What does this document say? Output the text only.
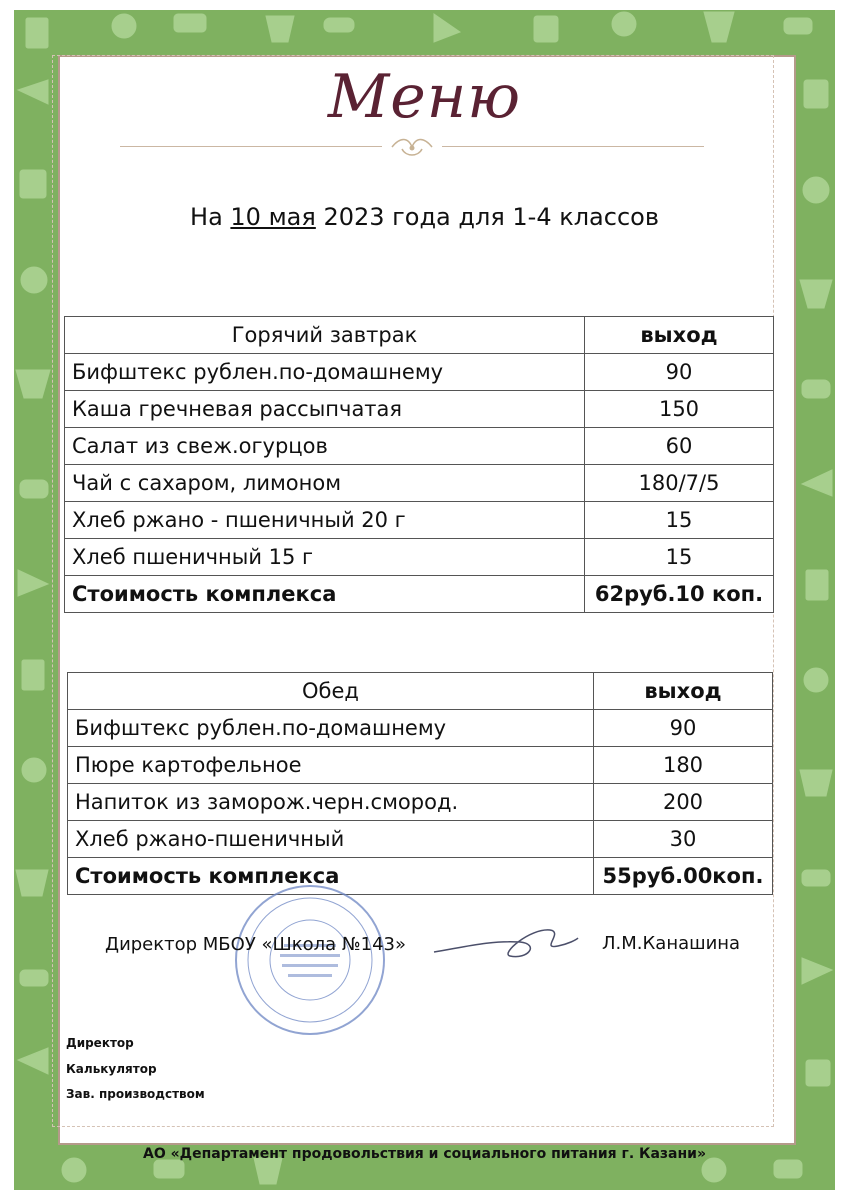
Меню
На 10 мая 2023 года для 1-4 классов
Горячий завтрак	выход
Бифштекс рублен.по-домашнему	90
Каша гречневая рассыпчатая	150
Салат из свеж.огурцов	60
Чай с сахаром, лимоном	180/7/5
Хлеб ржано - пшеничный 20 г	15
Хлеб пшеничный 15 г	15
Стоимость комплекса	62руб.10 коп.
Обед	выход
Бифштекс рублен.по-домашнему	90
Пюре картофельное	180
Напиток из заморож.черн.смород.	200
Хлеб ржано-пшеничный	30
Стоимость комплекса	55руб.00коп.
Директор МБОУ «Школа №143»	Л.М.Канашина
Директор
Калькулятор
Зав. производством
АО «Департамент продовольствия и социального питания г. Казани»
